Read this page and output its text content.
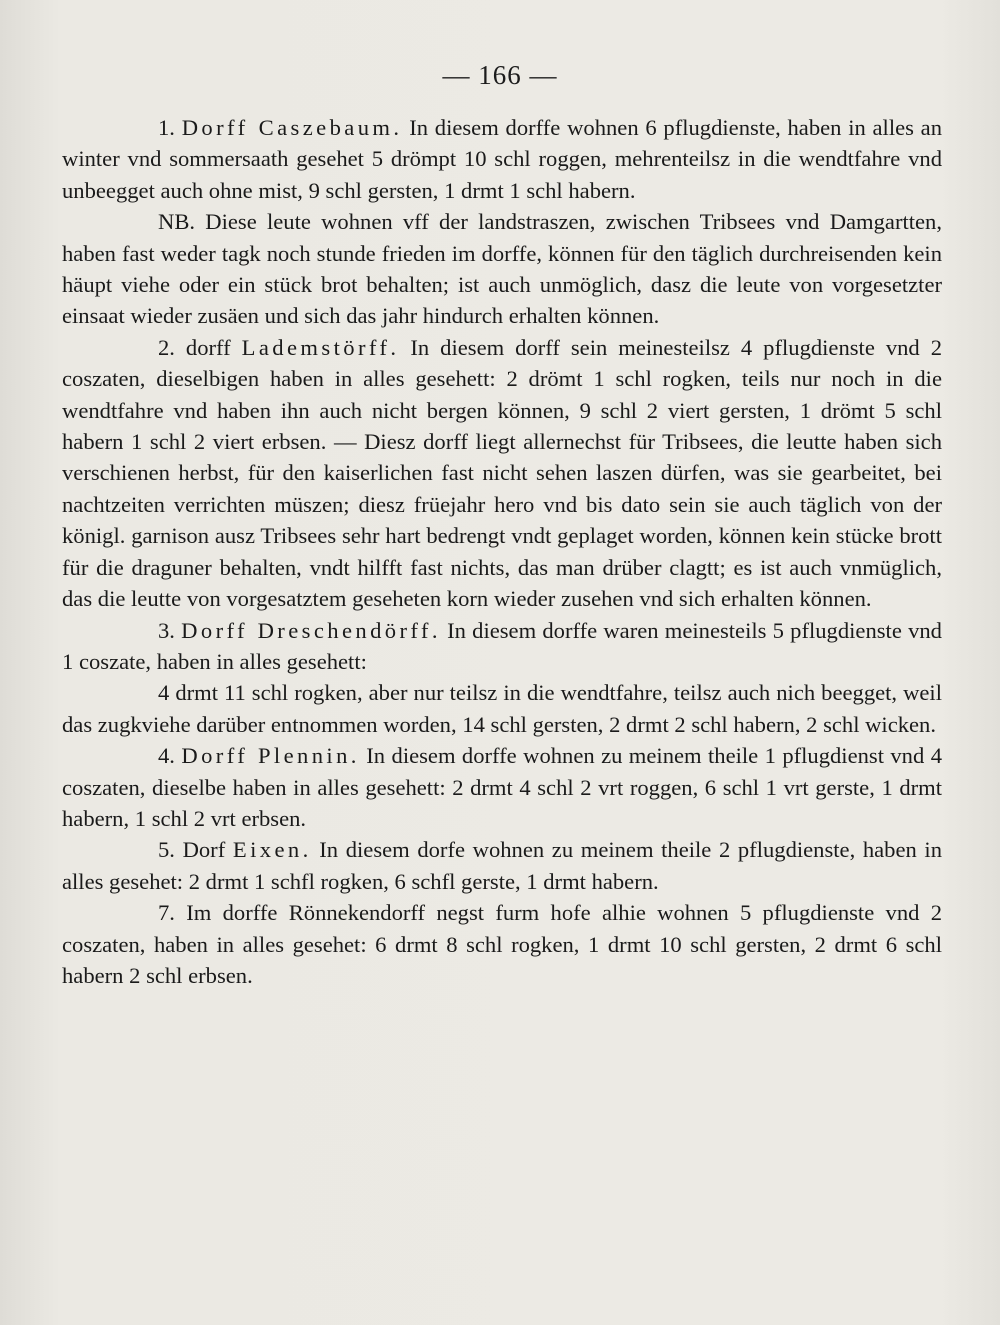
— 166 —

1. Dorff Caszebaum. In diesem dorffe wohnen 6 pflugdienste, haben in alles an winter vnd sommersaath gesehet 5 drömpt 10 schl roggen, mehrenteilsz in die wendtfahre vnd unbeegget auch ohne mist, 9 schl gersten, 1 drmt 1 schl habern.

NB. Diese leute wohnen vff der landstraszen, zwischen Tribsees vnd Damgartten, haben fast weder tagk noch stunde frieden im dorffe, können für den täglich durchreisenden kein häupt viehe oder ein stück brot behalten; ist auch unmöglich, dasz die leute von vorgesetzter einsaat wieder zusäen und sich das jahr hindurch erhalten können.

2. dorff Lademstörff. In diesem dorff sein meinesteilsz 4 pflugdienste vnd 2 coszaten, dieselbigen haben in alles gesehett: 2 drömt 1 schl rogken, teils nur noch in die wendtfahre vnd haben ihn auch nicht bergen können, 9 schl 2 viert gersten, 1 drömt 5 schl habern 1 schl 2 viert erbsen. — Diesz dorff liegt allernechst für Tribsees, die leutte haben sich verschienen herbst, für den kaiserlichen fast nicht sehen laszen dürfen, was sie gearbeitet, bei nachtzeiten verrichten müszen; diesz früejahr hero vnd bis dato sein sie auch täglich von der königl. garnison ausz Tribsees sehr hart bedrengt vndt geplaget worden, können kein stücke brott für die draguner behalten, vndt hilfft fast nichts, das man drüber clagtt; es ist auch vnmüglich, das die leutte von vorgesatztem geseheten korn wieder zusehen vnd sich erhalten können.

3. Dorff Dreschendörff. In diesem dorffe waren meinesteils 5 pflugdienste vnd 1 coszate, haben in alles gesehett:

4 drmt 11 schl rogken, aber nur teilsz in die wendtfahre, teilsz auch nich beegget, weil das zugkviehe darüber entnommen worden, 14 schl gersten, 2 drmt 2 schl habern, 2 schl wicken.

4. Dorff Plennin. In diesem dorffe wohnen zu meinem theile 1 pflugdienst vnd 4 coszaten, dieselbe haben in alles gesehett: 2 drmt 4 schl 2 vrt roggen, 6 schl 1 vrt gerste, 1 drmt habern, 1 schl 2 vrt erbsen.

5. Dorf Eixen. In diesem dorfe wohnen zu meinem theile 2 pflugdienste, haben in alles gesehet: 2 drmt 1 schfl rogken, 6 schfl gerste, 1 drmt habern.

7. Im dorffe Rönnekendorff negst furm hofe alhie wohnen 5 pflugdienste vnd 2 coszaten, haben in alles gesehet: 6 drmt 8 schl rogken, 1 drmt 10 schl gersten, 2 drmt 6 schl habern 2 schl erbsen.
